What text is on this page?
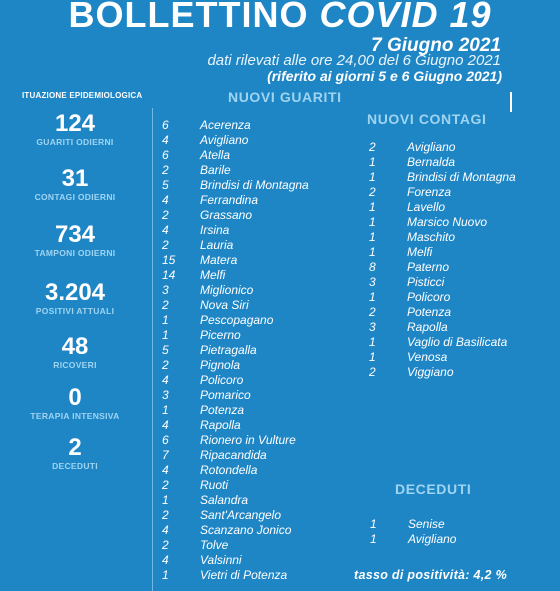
BOLLETTINO COVID 19
7 Giugno 2021
dati rilevati alle ore 24,00 del 6 Giugno 2021
(riferito ai giorni 5 e 6 Giugno 2021)
ITUAZIONE EPIDEMIOLOGICA
124
GUARITI ODIERNI
31
CONTAGI ODIERNI
734
TAMPONI ODIERNI
3.204
POSITIVI ATTUALI
48
RICOVERI
0
TERAPIA INTENSIVA
2
DECEDUTI
NUOVI GUARITI
6	Acerenza
4	Avigliano
6	Atella
2	Barile
5	Brindisi di Montagna
4	Ferrandina
2	Grassano
4	Irsina
2	Lauria
15	Matera
14	Melfi
3	Miglionico
2	Nova Siri
1	Pescopagano
1	Picerno
5	Pietragalla
2	Pignola
4	Policoro
3	Pomarico
1	Potenza
4	Rapolla
6	Rionero in Vulture
7	Ripacandida
4	Rotondella
2	Ruoti
1	Salandra
2	Sant'Arcangelo
4	Scanzano Jonico
2	Tolve
4	Valsinni
1	Vietri di Potenza
NUOVI CONTAGI
2	Avigliano
1	Bernalda
1	Brindisi di Montagna
2	Forenza
1	Lavello
1	Marsico Nuovo
1	Maschito
1	Melfi
8	Paterno
3	Pisticci
1	Policoro
2	Potenza
3	Rapolla
1	Vaglio di Basilicata
1	Venosa
2	Viggiano
DECEDUTI
1	Senise
1	Avigliano
tasso di positività: 4,2 %
